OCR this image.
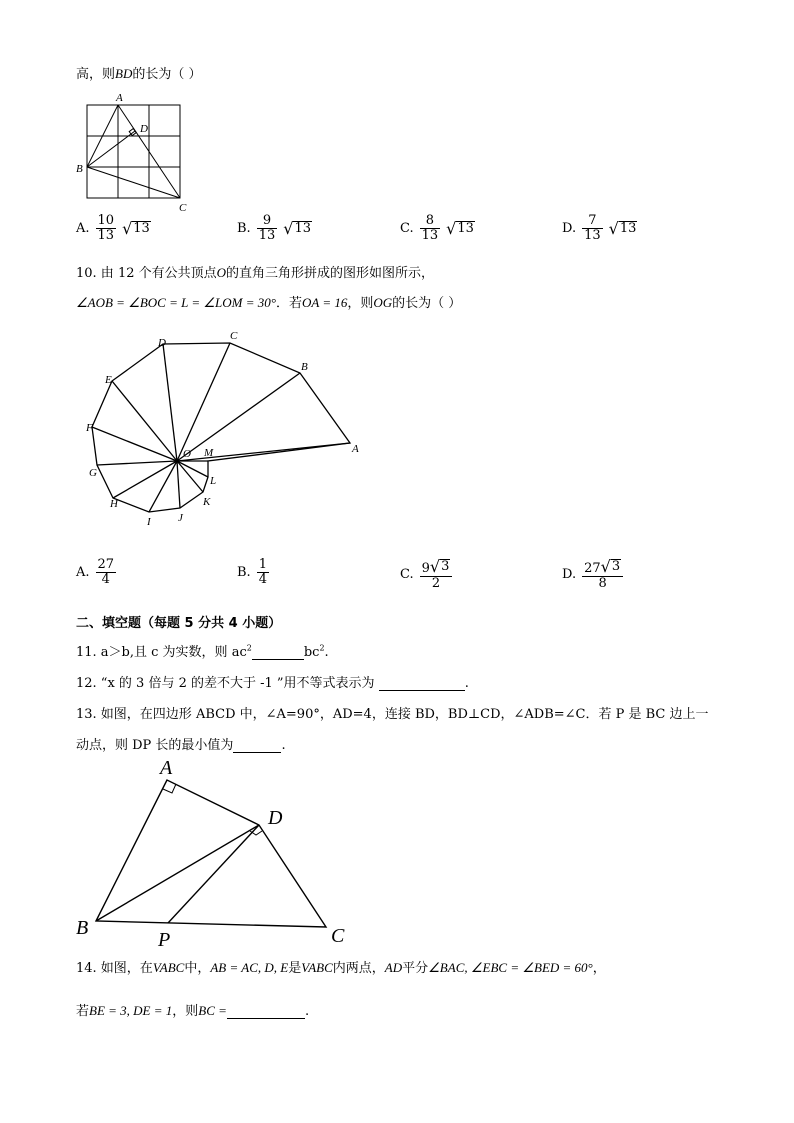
高，则BD的长为（ ）
A
B
C
D
A. $\frac{10}{13}$ √ 13	B. $\frac{9}{13}$ √ 13	C. $\frac{8}{13}$ √ 13	D. $\frac{7}{13}$ √ 13
10. 由 12 个有公共顶点O的直角三角形拼成的图形如图所示，
∠AOB = ∠BOC = L = ∠LOM = 30°．若OA = 16，则OG的长为（ ）
A
B
C
D
E
F
G
H
I J
K
L
M
O
A. $\frac{27}{4}$	B. $\frac{1}{4}$	C. $\frac{9 √ 3}{2}$	D. $\frac{27 √ 3}{8}$
二、填空题（每题 5 分共 4 小题）
11. a＞b,且 c 为实数，则 $ac^2$	$bc^2$.
12. “x 的 3 倍与 2 的差不大于 -1 ”用不等式表示为	.
13. 如图，在四边形 ABCD 中，∠A=90°，AD=4，连接 BD，BD⊥CD，∠ADB=∠C．若 P 是 BC 边上一
动点，则 DP 长的最小值为	.
A
B	C
D
P
14. 如图，在VABC中，AB = AC, D, E是VABC内两点，AD平分∠BAC, ∠EBC = ∠BED = 60°，
若BE = 3, DE = 1，则BC =	.
